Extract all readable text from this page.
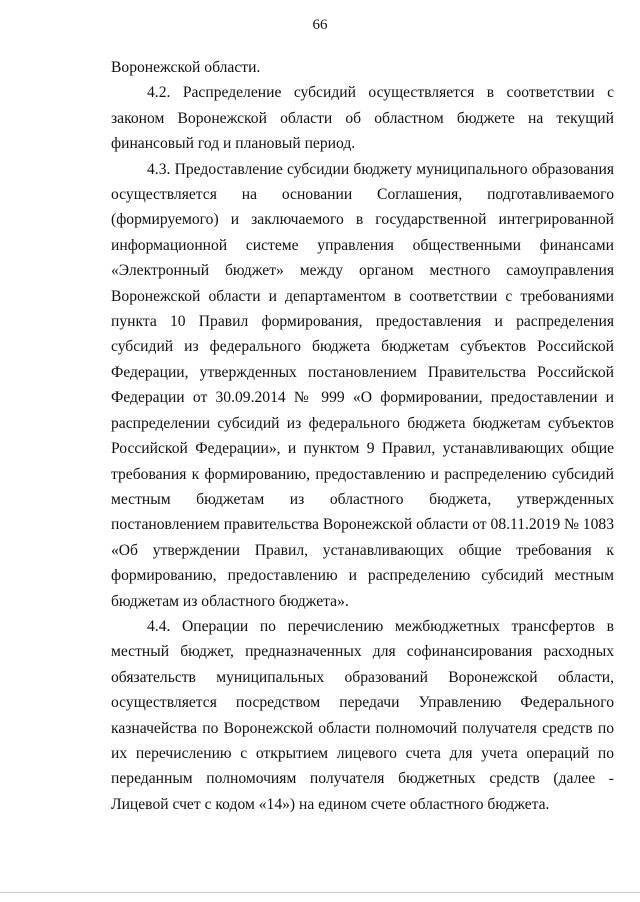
66

Воронежской области.

4.2. Распределение субсидий осуществляется в соответствии с законом Воронежской области об областном бюджете на текущий финансовый год и плановый период.

4.3. Предоставление субсидии бюджету муниципального образования осуществляется на основании Соглашения, подготавливаемого (формируемого) и заключаемого в государственной интегрированной информационной системе управления общественными финансами «Электронный бюджет» между органом местного самоуправления Воронежской области и департаментом в соответствии с требованиями пункта 10 Правил формирования, предоставления и распределения субсидий из федерального бюджета бюджетам субъектов Российской Федерации, утвержденных постановлением Правительства Российской Федерации от 30.09.2014 № 999 «О формировании, предоставлении и распределении субсидий из федерального бюджета бюджетам субъектов Российской Федерации», и пунктом 9 Правил, устанавливающих общие требования к формированию, предоставлению и распределению субсидий местным бюджетам из областного бюджета, утвержденных постановлением правительства Воронежской области от 08.11.2019 № 1083 «Об утверждении Правил, устанавливающих общие требования к формированию, предоставлению и распределению субсидий местным бюджетам из областного бюджета».

4.4. Операции по перечислению межбюджетных трансфертов в местный бюджет, предназначенных для софинансирования расходных обязательств муниципальных образований Воронежской области, осуществляется посредством передачи Управлению Федерального казначейства по Воронежской области полномочий получателя средств по их перечислению с открытием лицевого счета для учета операций по переданным полномочиям получателя бюджетных средств (далее - Лицевой счет с кодом «14») на едином счете областного бюджета.
